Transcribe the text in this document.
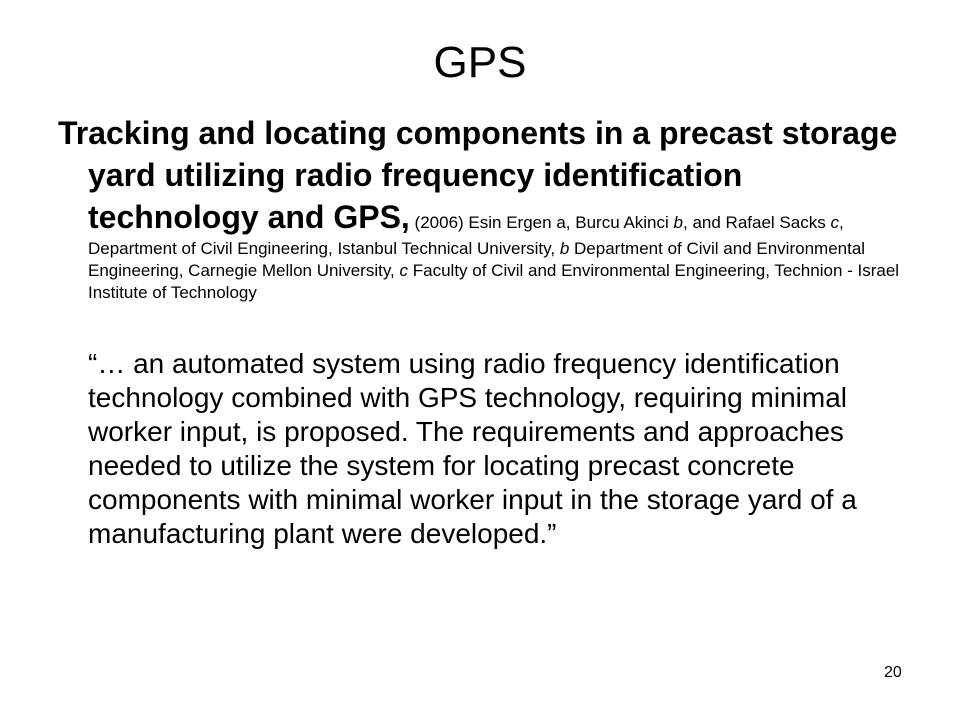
GPS
Tracking and locating components in a precast storage yard utilizing radio frequency identification technology and GPS, (2006) Esin Ergen a, Burcu Akinci b, and Rafael Sacks c, Department of Civil Engineering, Istanbul Technical University, b Department of Civil and Environmental Engineering, Carnegie Mellon University, c Faculty of Civil and Environmental Engineering, Technion - Israel Institute of Technology
“… an automated system using radio frequency identification technology combined with GPS technology, requiring minimal worker input, is proposed. The requirements and approaches needed to utilize the system for locating precast concrete components with minimal worker input in the storage yard of a manufacturing plant were developed.”
20
